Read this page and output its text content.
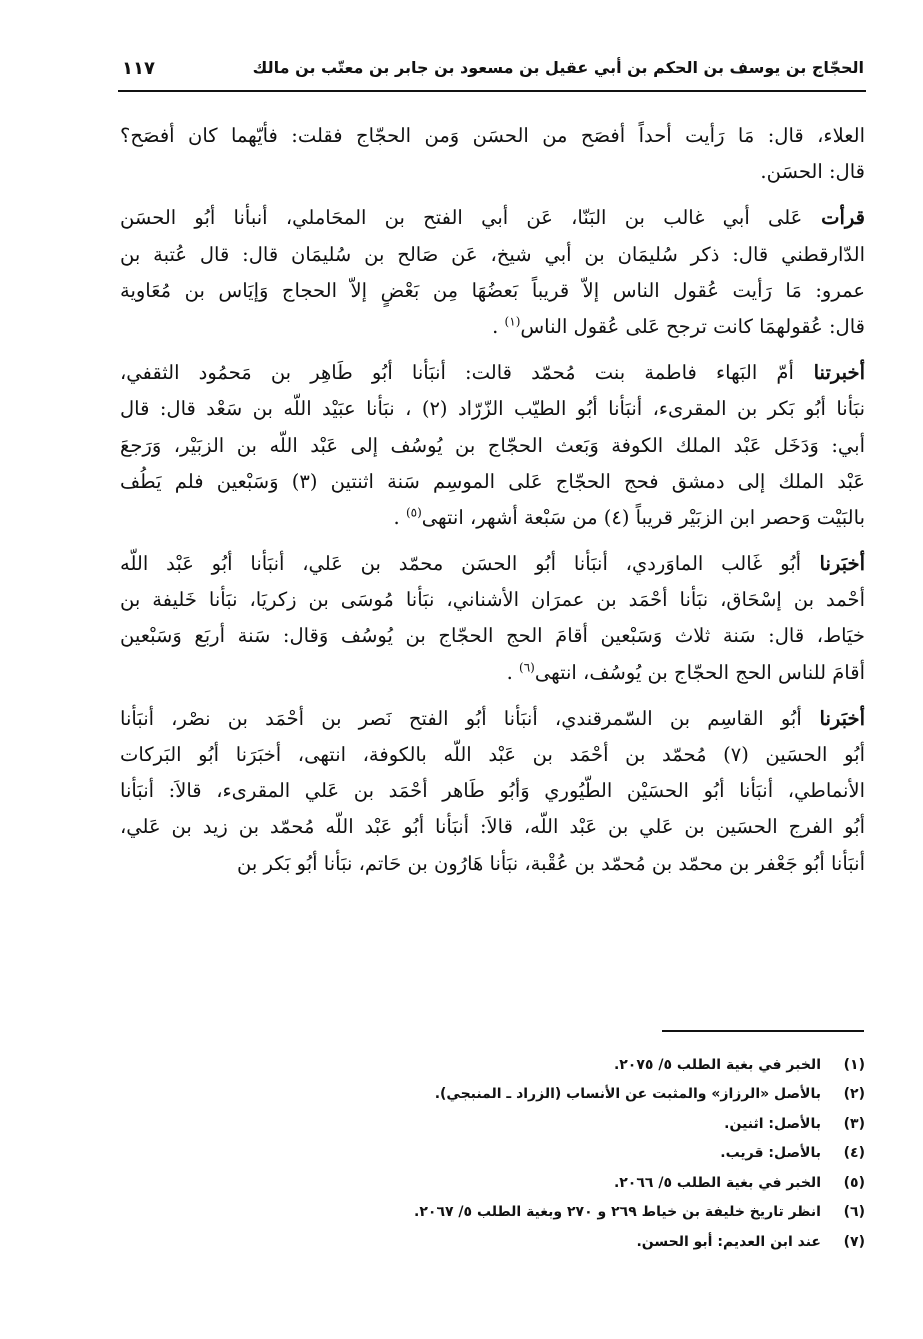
الحجّاج بن يوسف بن الحكم بن أبي عقيل بن مسعود بن جابر بن معتّب بن مالك
١١٧
العلاء، قال: مَا رَأيت أحداً أفصَح من الحسَن وَمن الحجّاج فقلت: فأيّهما كان أفصَح؟
قال: الحسَن.
قرأت عَلى أبي غالب بن البَنّا، عَن أبي الفتح بن المحَاملي، أنبأنا أبُو الحسَن
الدّارقطني قال: ذكر سُليمَان بن أبي شيخ، عَن صَالح بن سُليمَان قال: قال عُتبة بن
عمرو: مَا رَأيت عُقول الناس إلاّ قريباً بَعضُهَا مِن بَعْضٍ إلاّ الحجاج وَإيَاس بن مُعَاوية
قال: عُقولهمَا كانت ترجح عَلى عُقول الناس$^{(١)}$ .
أخبرتنا أمّ البَهاء فاطمة بنت مُحمّد قالت: أنبَأنا أبُو طَاهِر بن مَحمُود الثقفي،
نبَأنا أبُو بَكر بن المقرىء، أنبَأنا أبُو الطيّب الزّرّاد (٢) ، نبَأنا عبَيْد اللّه بن سَعْد قال: قال
أبي: وَدَخَل عَبْد الملك الكوفة وَبَعث الحجّاج بن يُوسُف إلى عَبْد اللّه بن الزبَيْر، وَرَجعَ
عَبْد الملك إلى دمشق فحج الحجّاج عَلى الموسِم سَنة اثنتين (٣) وَسَبْعين فلم يَطُف
بالبَيْت وَحصر ابن الزبَيْر قريباً (٤) من سَبْعة أشهر، انتهى$^{(٥)}$ .
أخبَرنا أبُو غَالب الماوَردي، أنبَأنا أبُو الحسَن محمّد بن عَلي، أنبَأنا أبُو عَبْد اللّه
أحْمد بن إسْحَاق، نبَأنا أحْمَد بن عمرَان الأشناني، نبَأنا مُوسَى بن زكريَا، نبَأنا خَليفة بن
خيَاط، قال: سَنة ثلاث وَسَبْعين أقامَ الحج الحجّاج بن يُوسُف وَقال: سَنة أربَع وَسَبْعين
أقامَ للناس الحج الحجّاج بن يُوسُف، انتهى$^{(٦)}$ .
أخبَرنا أبُو القاسِم بن السّمرقندي، أنبَأنا أبُو الفتح نَصر بن أحْمَد بن نصْر، أنبَأنا
أبُو الحسَين (٧) مُحمّد بن أحْمَد بن عَبْد اللّه بالكوفة، انتهى، أخبَرَنا أبُو البَركات
الأنماطي، أنبَأنا أبُو الحسَيْن الطّيُوري وَأبُو طَاهر أحْمَد بن عَلي المقرىء، قالاَ: أنبَأنا
أبُو الفرج الحسَين بن عَلي بن عَبْد اللّه، قالاَ: أنبَأنا أبُو عَبْد اللّه مُحمّد بن زيد بن عَلي،
أنبَأنا أبُو جَعْفر بن محمّد بن مُحمّد بن عُقْبة، نبَأنا هَارُون بن حَاتم، نبَأنا أبُو بَكر بن
(١)
الخبر في بغية الطلب ٥/ ٢٠٧٥.
(٢)
بالأصل «الرزاز» والمثبت عن الأنساب (الزراد ـ المنبجي).
(٣)
بالأصل: اثنين.
(٤)
بالأصل: قريب.
(٥)
الخبر في بغية الطلب ٥/ ٢٠٦٦.
(٦)
انظر تاريخ خليفة بن خياط ٢٦٩ و ٢٧٠ وبغية الطلب ٥/ ٢٠٦٧.
(٧)
عند ابن العديم: أبو الحسن.
